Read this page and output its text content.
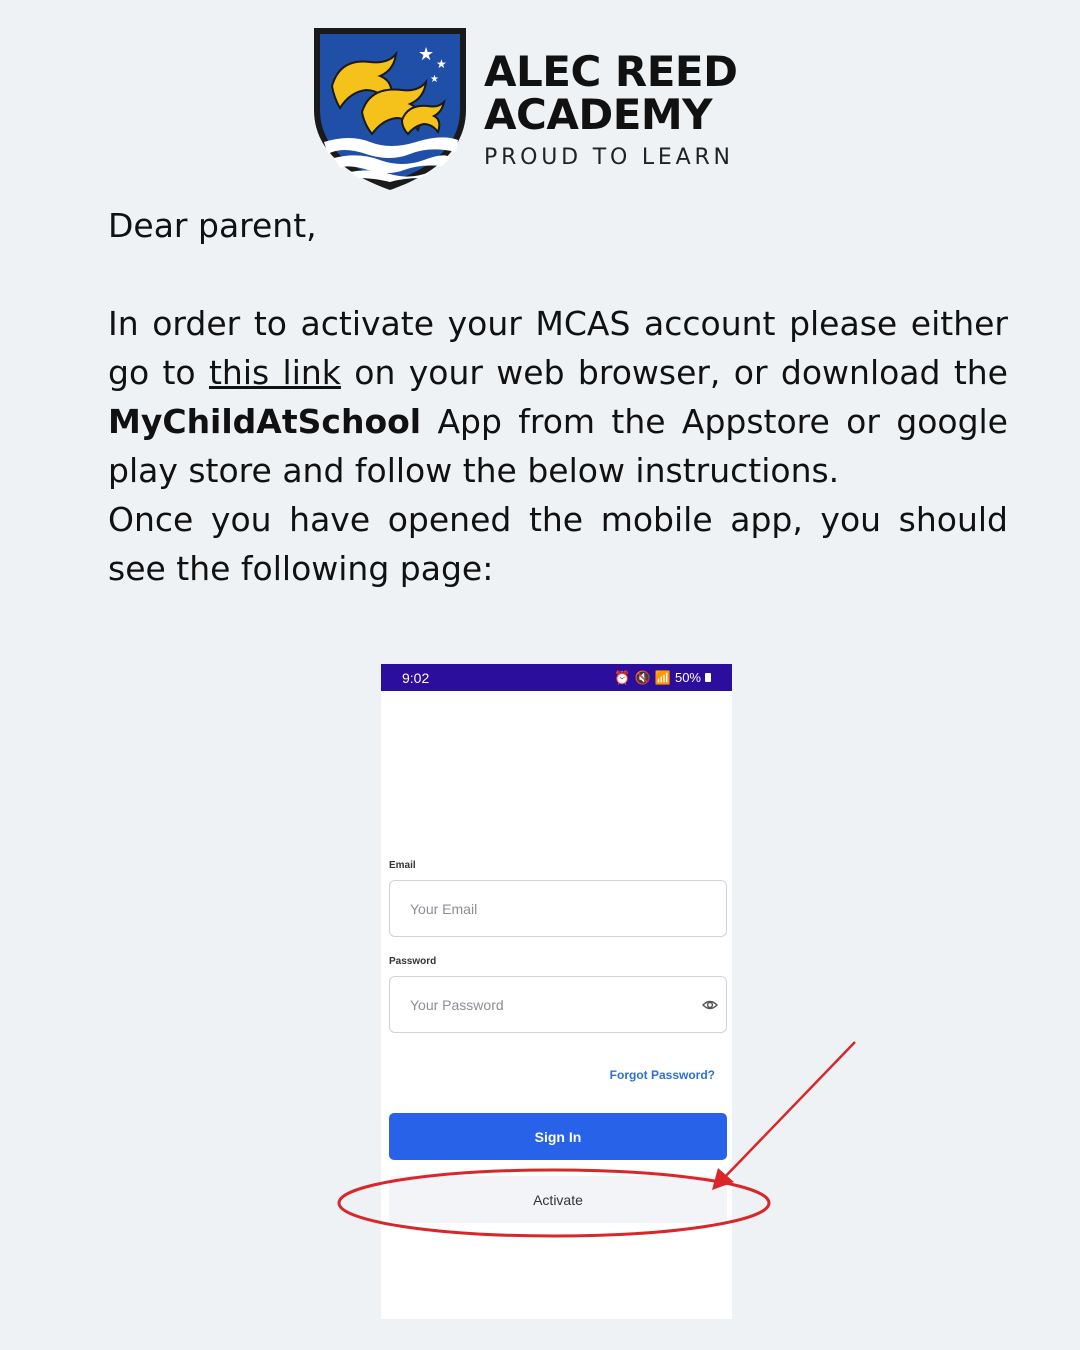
★ ★
★ ALEC REED
ACADEMY
PROUD TO LEARN

Dear parent,

In order to activate your MCAS account please either go to this link on your web browser, or download the MyChildAtSchool App from the Appstore or google play store and follow the below instructions.

Once you have opened the mobile app, you should see the following page:

9:02	⏰ 🔇 📶 50%
Email
Your Email
Password
Your Password
Forgot Password?
Sign In
Activate
